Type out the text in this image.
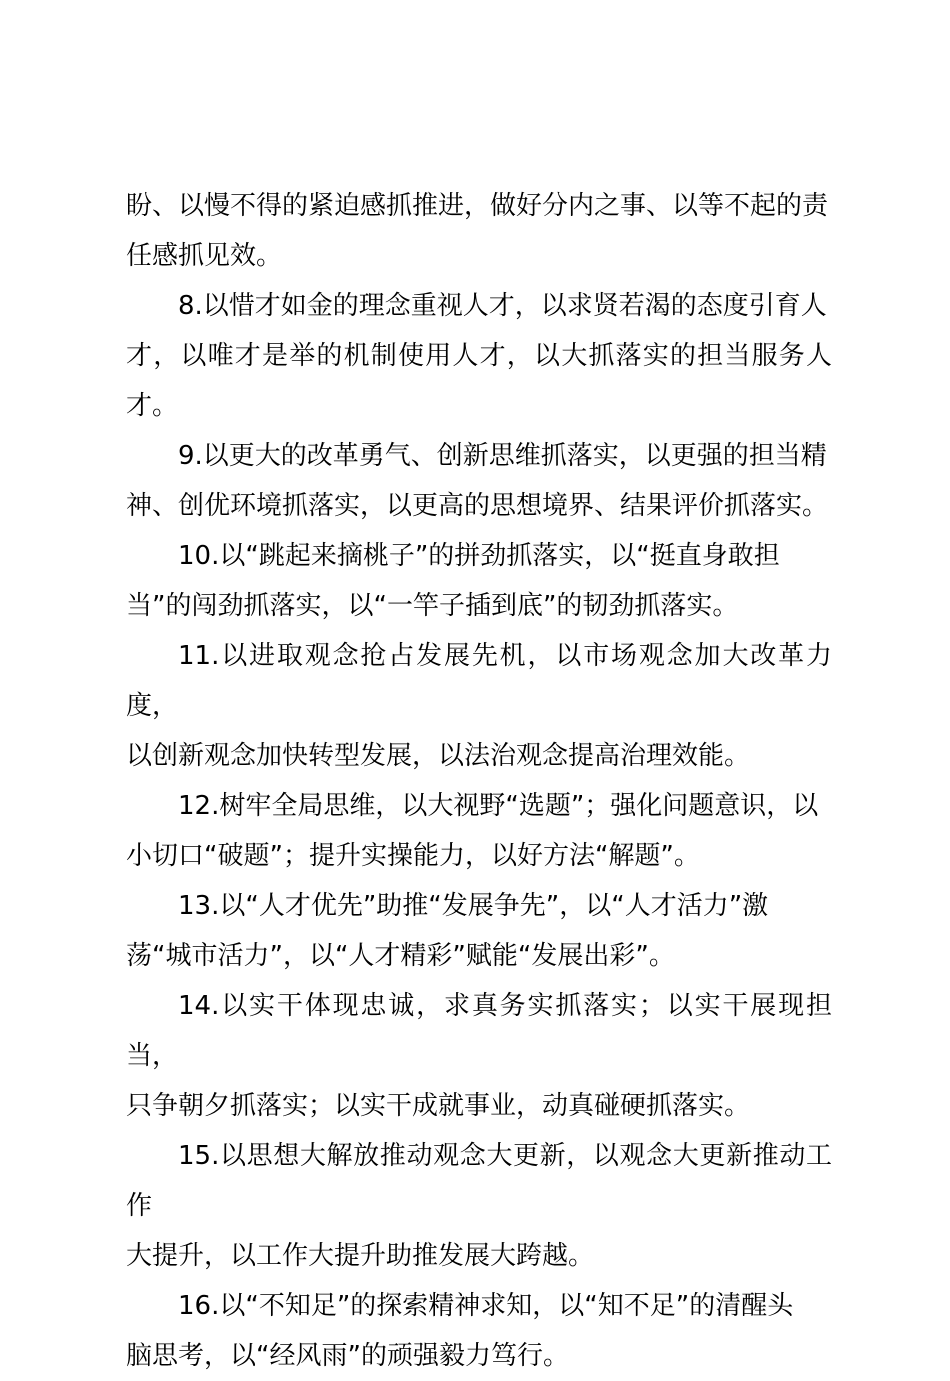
盼、以慢不得的紧迫感抓推进，做好分内之事、以等不起的责
任感抓见效。

8.以惜才如金的理念重视人才，以求贤若渴的态度引育人
才，以唯才是举的机制使用人才，以大抓落实的担当服务人才。

9.以更大的改革勇气、创新思维抓落实，以更强的担当精
神、创优环境抓落实，以更高的思想境界、结果评价抓落实。

10.以“跳起来摘桃子”的拼劲抓落实，以“挺直身敢担
当”的闯劲抓落实，以“一竿子插到底”的韧劲抓落实。

11.以进取观念抢占发展先机，以市场观念加大改革力度，
以创新观念加快转型发展，以法治观念提高治理效能。

12.树牢全局思维，以大视野“选题”；强化问题意识，以
小切口“破题”；提升实操能力，以好方法“解题”。

13.以“人才优先”助推“发展争先”，以“人才活力”激
荡“城市活力”，以“人才精彩”赋能“发展出彩”。

14.以实干体现忠诚，求真务实抓落实；以实干展现担当，
只争朝夕抓落实；以实干成就事业，动真碰硬抓落实。

15.以思想大解放推动观念大更新，以观念大更新推动工作
大提升，以工作大提升助推发展大跨越。

16.以“不知足”的探索精神求知，以“知不足”的清醒头
脑思考，以“经风雨”的顽强毅力笃行。
